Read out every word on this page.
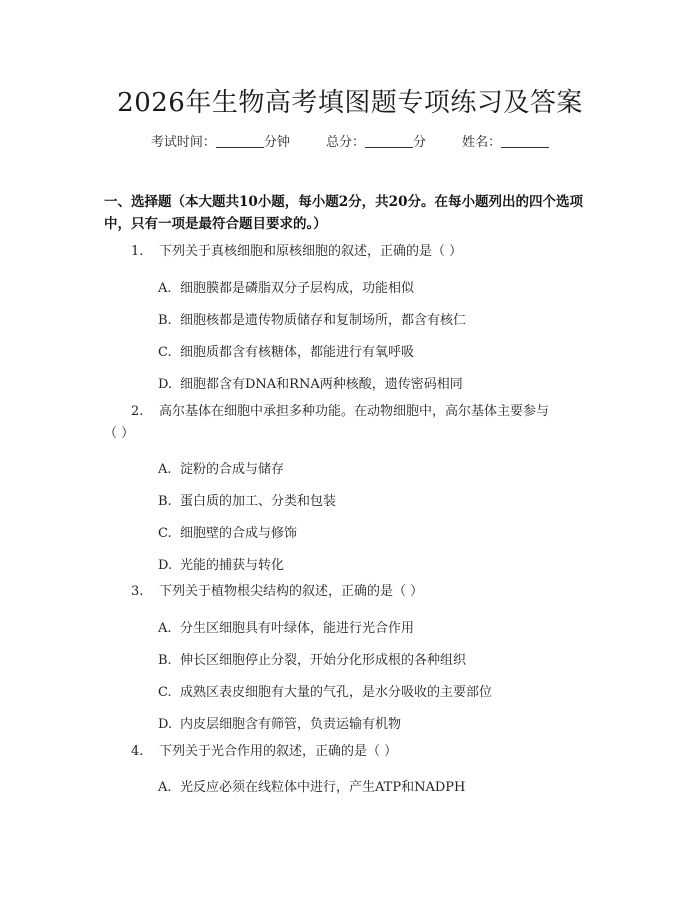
2026年生物高考填图题专项练习及答案
考试时间：	分钟	总分：	分	姓名：
一、选择题（本大题共10小题，每小题2分，共20分。在每小题列出的四个选项中，只有一项是最符合题目要求的。）
1. 下列关于真核细胞和原核细胞的叙述，正确的是（ ）
A. 细胞膜都是磷脂双分子层构成，功能相似
B. 细胞核都是遗传物质储存和复制场所，都含有核仁
C. 细胞质都含有核糖体，都能进行有氧呼吸
D. 细胞都含有DNA和RNA两种核酸，遗传密码相同
2. 高尔基体在细胞中承担多种功能。在动物细胞中，高尔基体主要参与
（ ）
A. 淀粉的合成与储存
B. 蛋白质的加工、分类和包装
C. 细胞壁的合成与修饰
D. 光能的捕获与转化
3. 下列关于植物根尖结构的叙述，正确的是（ ）
A. 分生区细胞具有叶绿体，能进行光合作用
B. 伸长区细胞停止分裂，开始分化形成根的各种组织
C. 成熟区表皮细胞有大量的气孔，是水分吸收的主要部位
D. 内皮层细胞含有筛管，负责运输有机物
4. 下列关于光合作用的叙述，正确的是（ ）
A. 光反应必须在线粒体中进行，产生ATP和NADPH
